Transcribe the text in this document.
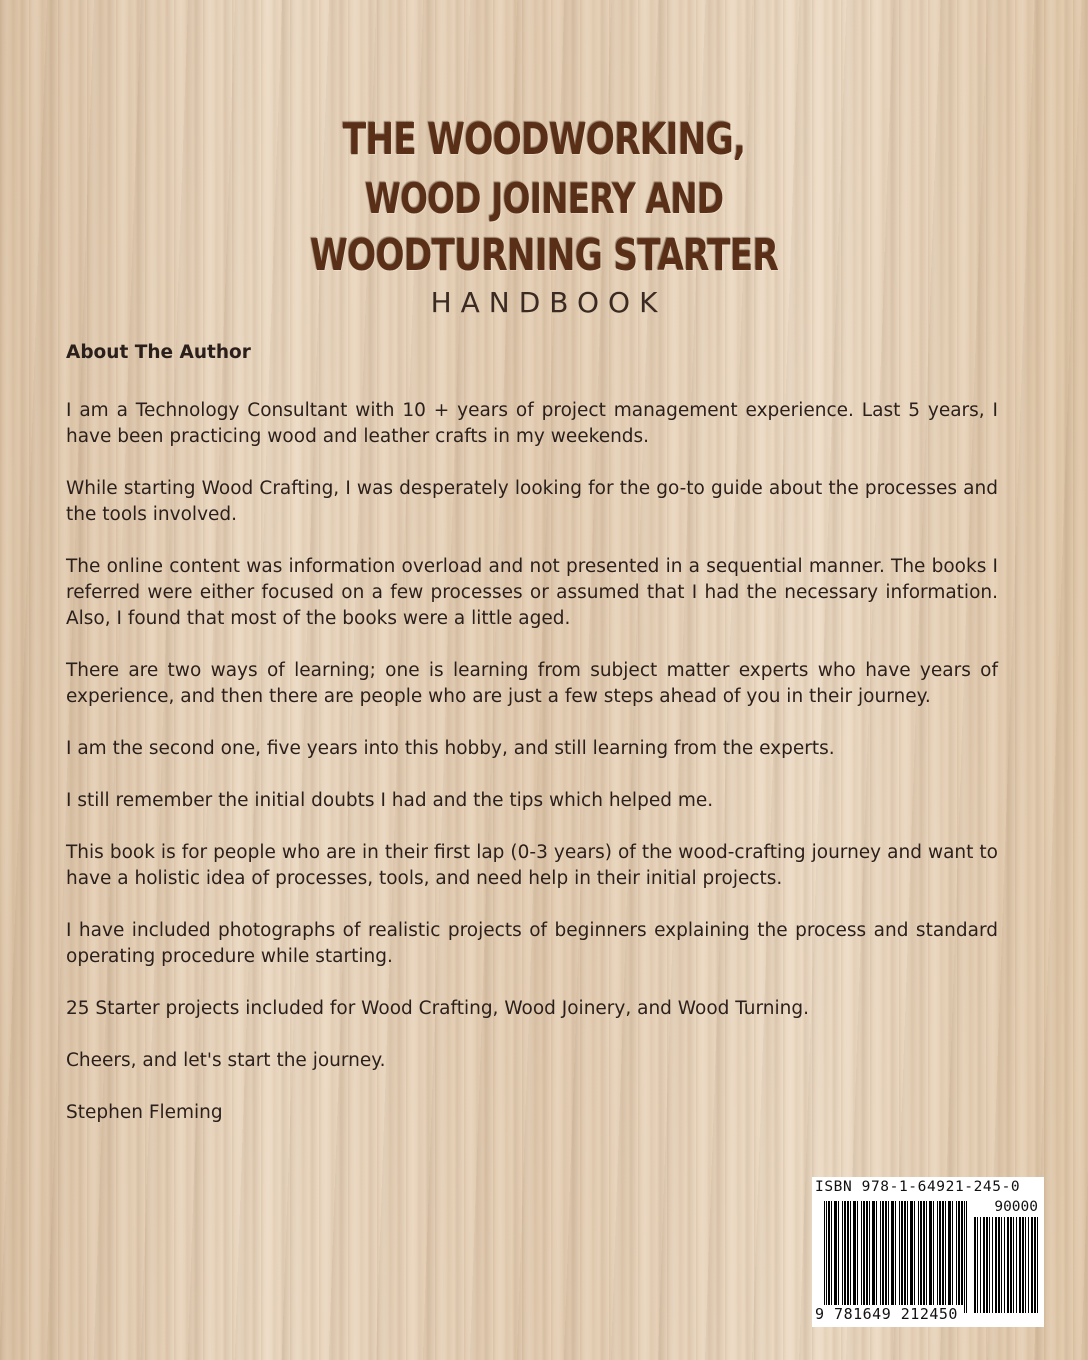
THE WOODWORKING,
WOOD JOINERY AND
WOODTURNING STARTER
HANDBOOK
About The Author

I am a Technology Consultant with 10 + years of project management experience. Last 5 years, I have been practicing wood and leather crafts in my weekends.

While starting Wood Crafting, I was desperately looking for the go-to guide about the processes and the tools involved.

The online content was information overload and not presented in a sequential manner. The books I referred were either focused on a few processes or assumed that I had the necessary information. Also, I found that most of the books were a little aged.

There are two ways of learning; one is learning from subject matter experts who have years of experience, and then there are people who are just a few steps ahead of you in their journey.

I am the second one, five years into this hobby, and still learning from the experts.

I still remember the initial doubts I had and the tips which helped me.

This book is for people who are in their first lap (0-3 years) of the wood-crafting journey and want to have a holistic idea of processes, tools, and need help in their initial projects.

I have included photographs of realistic projects of beginners explaining the process and standard operating procedure while starting.

25 Starter projects included for Wood Crafting, Wood Joinery, and Wood Turning.

Cheers, and let's start the journey.

Stephen Fleming

ISBN 978-1-64921-245-0
90000
9 781649 212450
